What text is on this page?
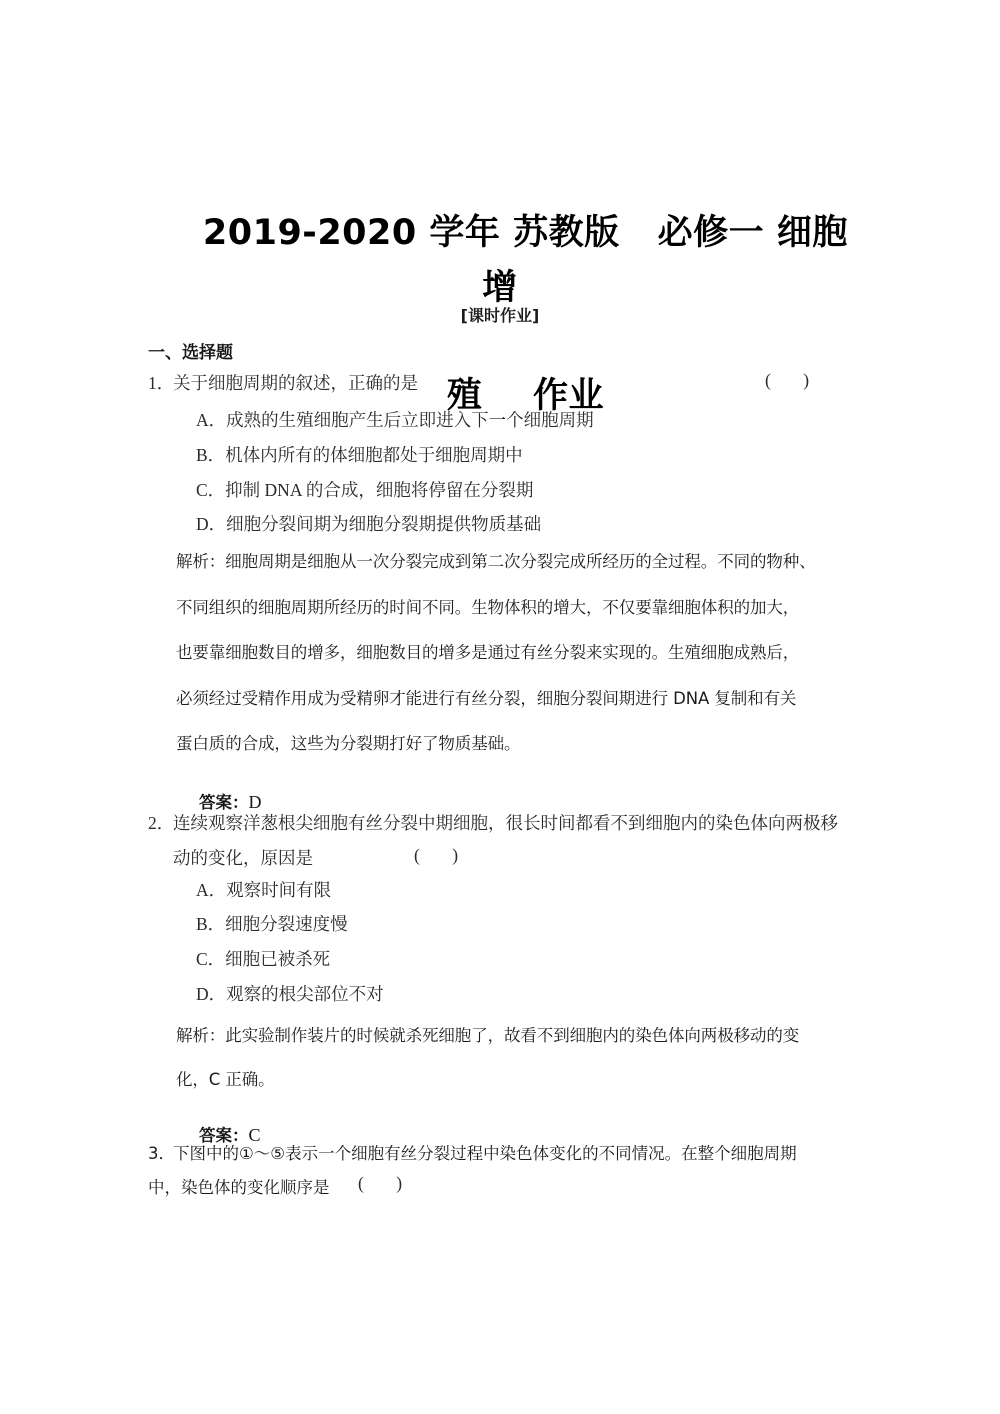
2019-2020 学年 苏教版   必修一 细胞增

殖    作业

[课时作业]
一、选择题
1．
关于细胞周期的叙述，正确的是	( )
A．成熟的生殖细胞产生后立即进入下一个细胞周期
B．机体内所有的体细胞都处于细胞周期中
C．抑制 DNA 的合成，细胞将停留在分裂期
D．细胞分裂间期为细胞分裂期提供物质基础
解析：细胞周期是细胞从一次分裂完成到第二次分裂完成所经历的全过程。不同的物种、
不同组织的细胞周期所经历的时间不同。生物体积的增大，不仅要靠细胞体积的加大，
也要靠细胞数目的增多，细胞数目的增多是通过有丝分裂来实现的。生殖细胞成熟后，
必须经过受精作用成为受精卵才能进行有丝分裂，细胞分裂间期进行 DNA 复制和有关
蛋白质的合成，这些为分裂期打好了物质基础。

答案：D

2．
连续观察洋葱根尖细胞有丝分裂中期细胞，很长时间都看不到细胞内的染色体向两极移
动的变化，原因是	( )
A．观察时间有限
B．细胞分裂速度慢
C．细胞已被杀死
D．观察的根尖部位不对
解析：此实验制作装片的时候就杀死细胞了，故看不到细胞内的染色体向两极移动的变
化，C 正确。

答案：C

3．
下图中的①～⑤表示一个细胞有丝分裂过程中染色体变化的不同情况。在整个细胞周期
中，染色体的变化顺序是 ( )
